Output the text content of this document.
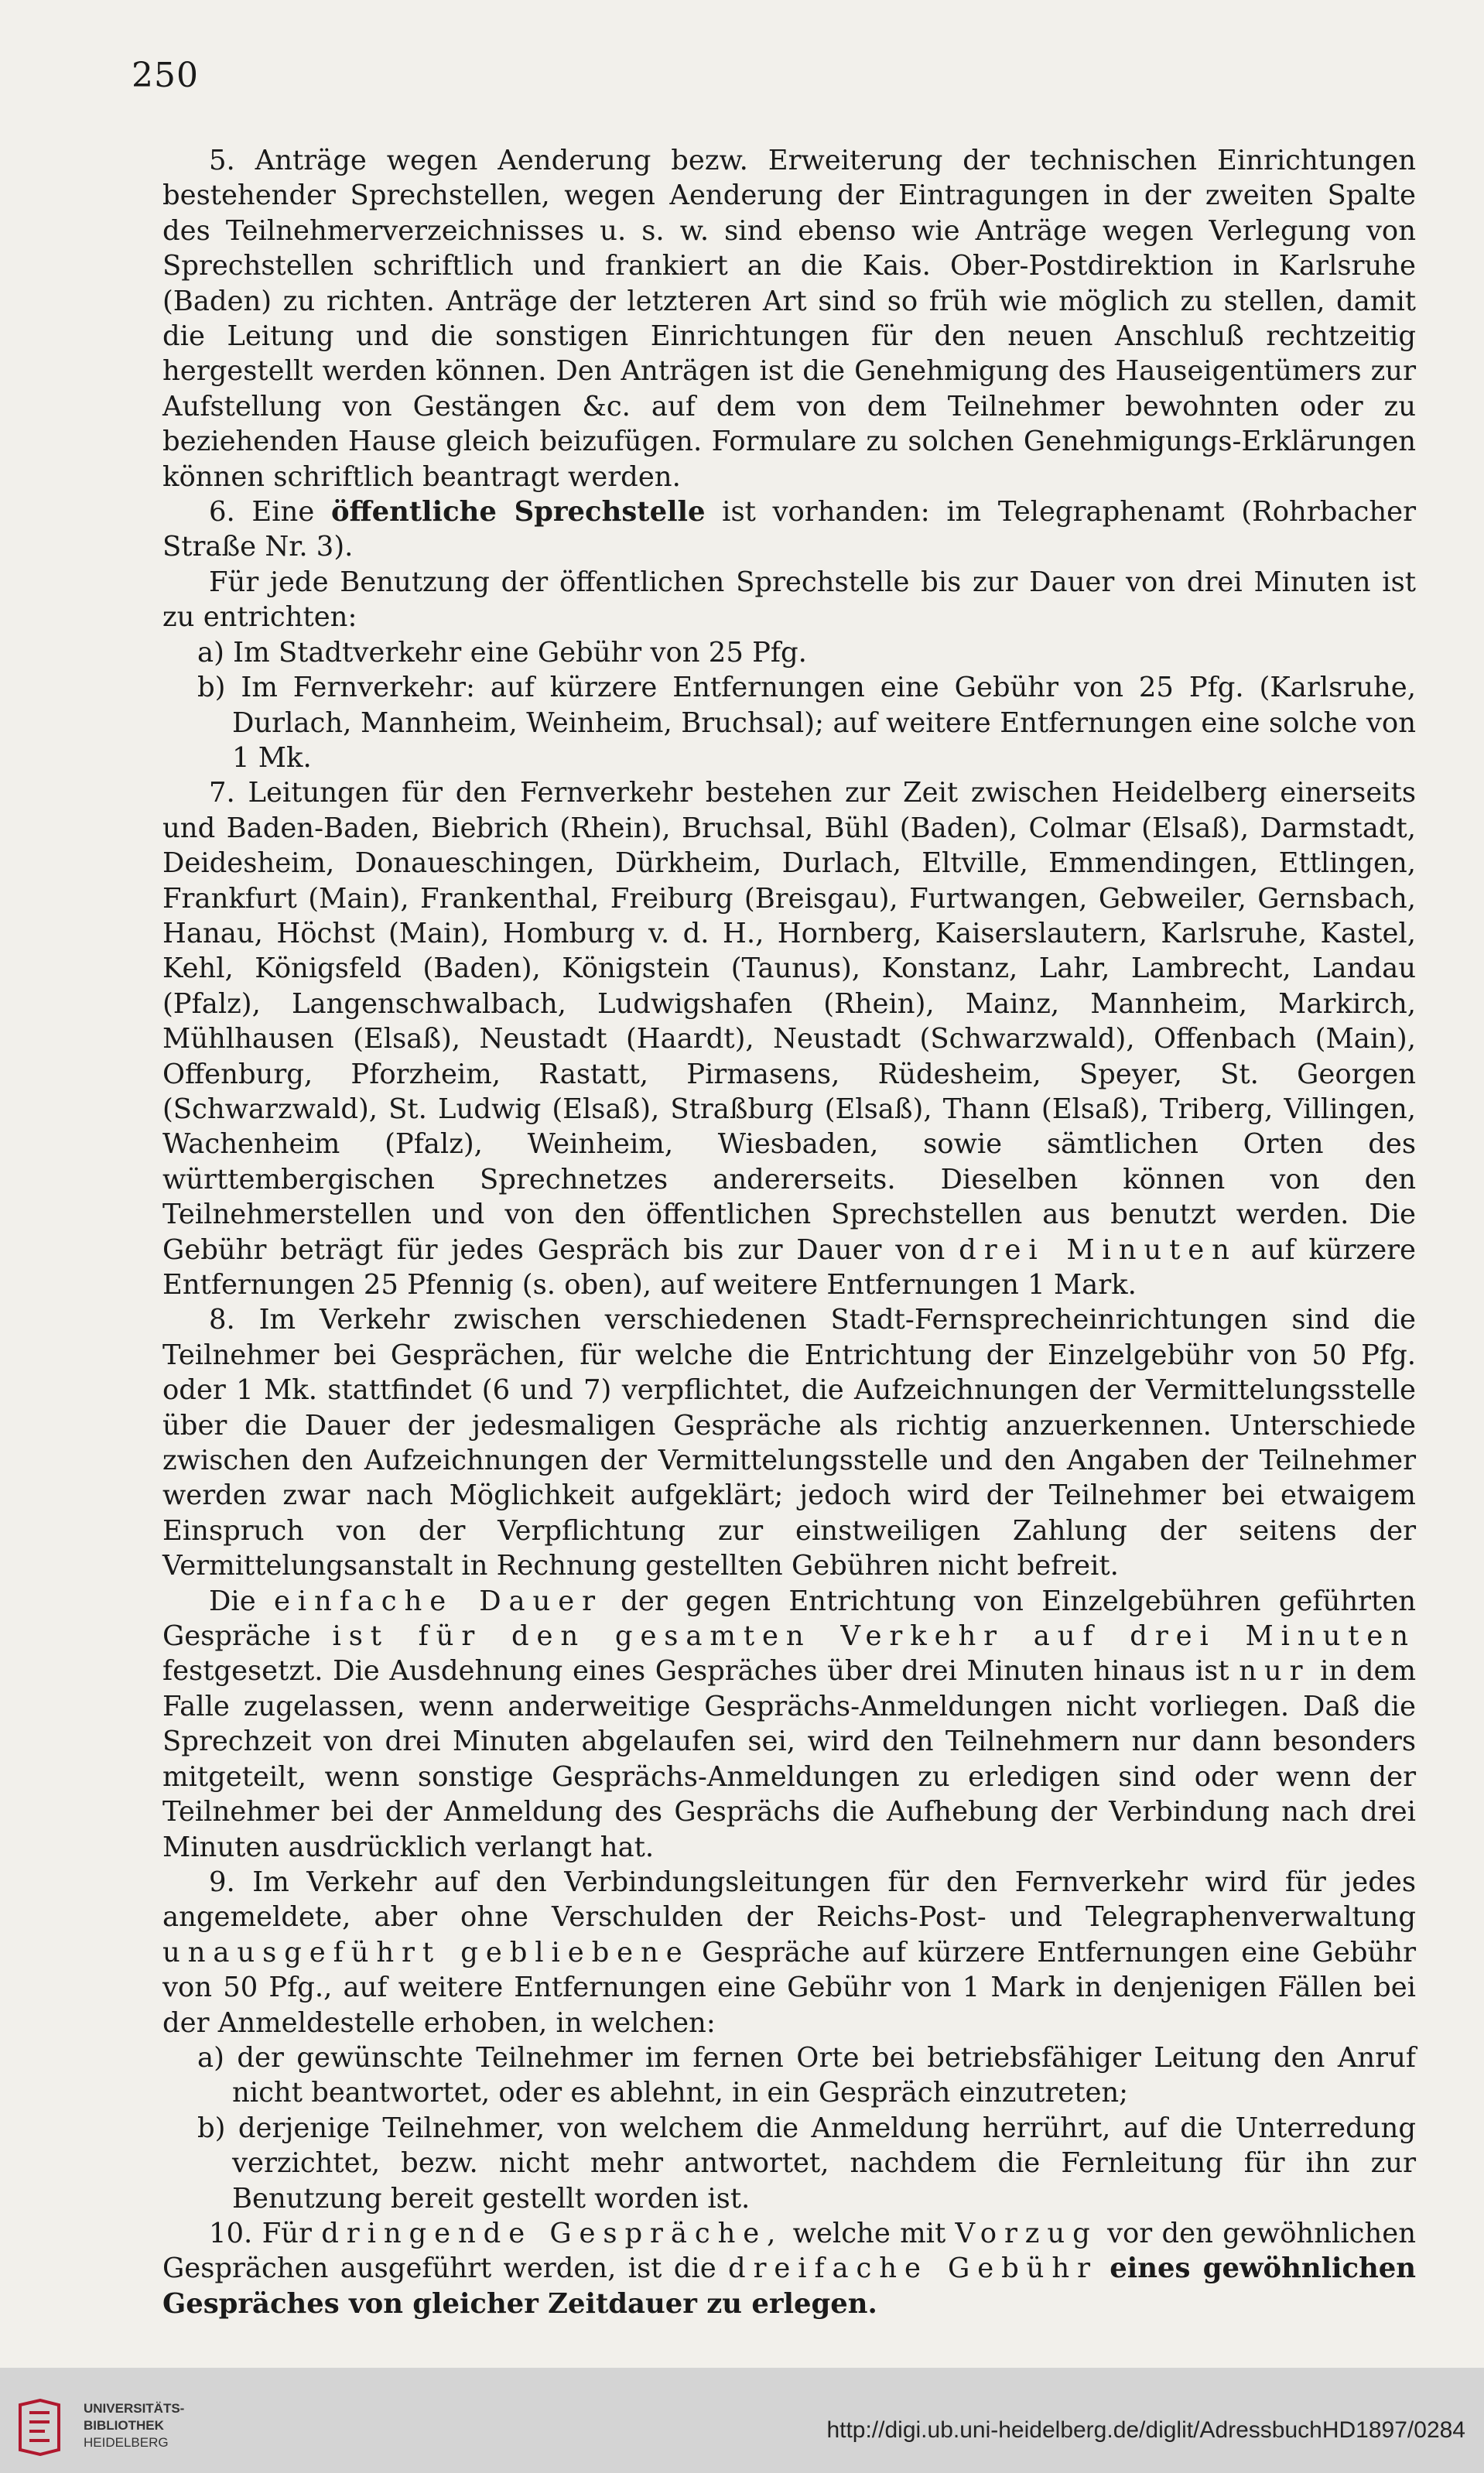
250

5. Anträge wegen Aenderung bezw. Erweiterung der technischen Einrichtungen bestehender Sprechstellen, wegen Aenderung der Eintragungen in der zweiten Spalte des Teilnehmerverzeichnisses u. s. w. sind ebenso wie Anträge wegen Verlegung von Sprechstellen schriftlich und frankiert an die Kais. Ober-Postdirektion in Karlsruhe (Baden) zu richten. Anträge der letzteren Art sind so früh wie möglich zu stellen, damit die Leitung und die sonstigen Einrichtungen für den neuen Anschluß rechtzeitig hergestellt werden können. Den Anträgen ist die Genehmigung des Hauseigentümers zur Aufstellung von Gestängen &c. auf dem von dem Teilnehmer bewohnten oder zu beziehenden Hause gleich beizufügen. Formulare zu solchen Genehmigungs-Erklärungen können schriftlich beantragt werden.

6. Eine öffentliche Sprechstelle ist vorhanden: im Telegraphenamt (Rohrbacher Straße Nr. 3).

Für jede Benutzung der öffentlichen Sprechstelle bis zur Dauer von drei Minuten ist zu entrichten:

a) Im Stadtverkehr eine Gebühr von 25 Pfg.

b) Im Fernverkehr: auf kürzere Entfernungen eine Gebühr von 25 Pfg. (Karlsruhe, Durlach, Mannheim, Weinheim, Bruchsal); auf weitere Entfernungen eine solche von 1 Mk.

7. Leitungen für den Fernverkehr bestehen zur Zeit zwischen Heidelberg einerseits und Baden-Baden, Biebrich (Rhein), Bruchsal, Bühl (Baden), Colmar (Elsaß), Darmstadt, Deidesheim, Donaueschingen, Dürkheim, Durlach, Eltville, Emmendingen, Ettlingen, Frankfurt (Main), Frankenthal, Freiburg (Breisgau), Furtwangen, Gebweiler, Gernsbach, Hanau, Höchst (Main), Homburg v. d. H., Hornberg, Kaiserslautern, Karlsruhe, Kastel, Kehl, Königsfeld (Baden), Königstein (Taunus), Konstanz, Lahr, Lambrecht, Landau (Pfalz), Langenschwalbach, Ludwigshafen (Rhein), Mainz, Mannheim, Markirch, Mühlhausen (Elsaß), Neustadt (Haardt), Neustadt (Schwarzwald), Offenbach (Main), Offenburg, Pforzheim, Rastatt, Pirmasens, Rüdesheim, Speyer, St. Georgen (Schwarzwald), St. Ludwig (Elsaß), Straßburg (Elsaß), Thann (Elsaß), Triberg, Villingen, Wachenheim (Pfalz), Weinheim, Wiesbaden, sowie sämtlichen Orten des württembergischen Sprechnetzes andererseits. Dieselben können von den Teilnehmerstellen und von den öffentlichen Sprechstellen aus benutzt werden. Die Gebühr beträgt für jedes Gespräch bis zur Dauer von drei Minuten auf kürzere Entfernungen 25 Pfennig (s. oben), auf weitere Entfernungen 1 Mark.

8. Im Verkehr zwischen verschiedenen Stadt-Fernsprecheinrichtungen sind die Teilnehmer bei Gesprächen, für welche die Entrichtung der Einzelgebühr von 50 Pfg. oder 1 Mk. stattfindet (6 und 7) verpflichtet, die Aufzeichnungen der Vermittelungsstelle über die Dauer der jedesmaligen Gespräche als richtig anzuerkennen. Unterschiede zwischen den Aufzeichnungen der Vermittelungsstelle und den Angaben der Teilnehmer werden zwar nach Möglichkeit aufgeklärt; jedoch wird der Teilnehmer bei etwaigem Einspruch von der Verpflichtung zur einstweiligen Zahlung der seitens der Vermittelungsanstalt in Rechnung gestellten Gebühren nicht befreit.

Die einfache Dauer der gegen Entrichtung von Einzelgebühren geführten Gespräche ist für den gesamten Verkehr auf drei Minuten festgesetzt. Die Ausdehnung eines Gespräches über drei Minuten hinaus ist nur in dem Falle zugelassen, wenn anderweitige Gesprächs-Anmeldungen nicht vorliegen. Daß die Sprechzeit von drei Minuten abgelaufen sei, wird den Teilnehmern nur dann besonders mitgeteilt, wenn sonstige Gesprächs-Anmeldungen zu erledigen sind oder wenn der Teilnehmer bei der Anmeldung des Gesprächs die Aufhebung der Verbindung nach drei Minuten ausdrücklich verlangt hat.

9. Im Verkehr auf den Verbindungsleitungen für den Fernverkehr wird für jedes angemeldete, aber ohne Verschulden der Reichs-Post- und Telegraphenverwaltung unausgeführt gebliebene Gespräche auf kürzere Entfernungen eine Gebühr von 50 Pfg., auf weitere Entfernungen eine Gebühr von 1 Mark in denjenigen Fällen bei der Anmeldestelle erhoben, in welchen:

a) der gewünschte Teilnehmer im fernen Orte bei betriebsfähiger Leitung den Anruf nicht beantwortet, oder es ablehnt, in ein Gespräch einzutreten;

b) derjenige Teilnehmer, von welchem die Anmeldung herrührt, auf die Unterredung verzichtet, bezw. nicht mehr antwortet, nachdem die Fernleitung für ihn zur Benutzung bereit gestellt worden ist.

10. Für dringende Gespräche, welche mit Vorzug vor den gewöhnlichen Gesprächen ausgeführt werden, ist die dreifache Gebühr eines gewöhnlichen Gespräches von gleicher Zeitdauer zu erlegen.

UNIVERSITÄTS-
BIBLIOTHEK
HEIDELBERG	http://digi.ub.uni-heidelberg.de/diglit/AdressbuchHD1897/0284
